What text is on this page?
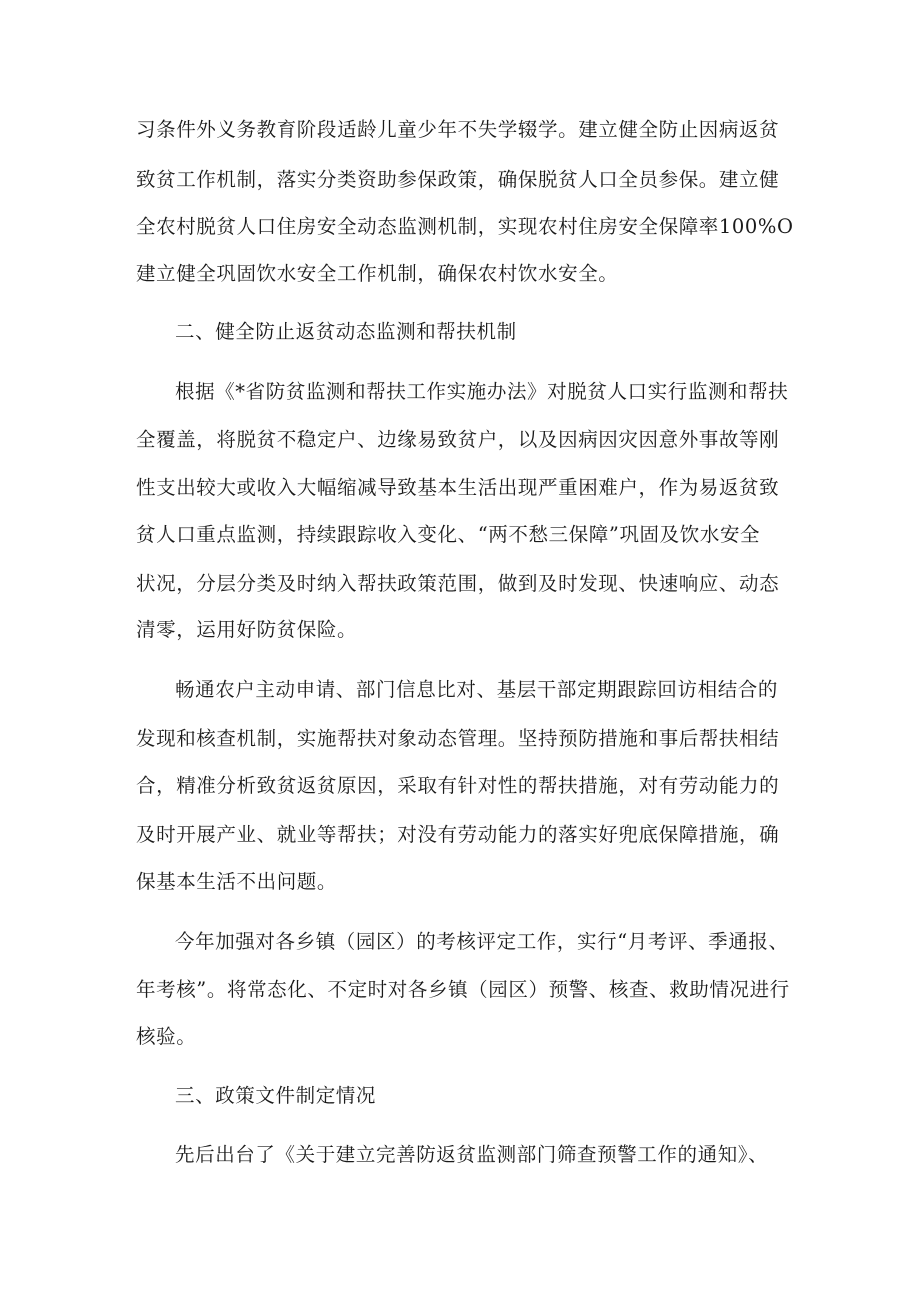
习条件外义务教育阶段适龄儿童少年不失学辍学。建立健全防止因病返贫

致贫工作机制，落实分类资助参保政策，确保脱贫人口全员参保。建立健

全农村脱贫人口住房安全动态监测机制，实现农村住房安全保障率100%O

建立健全巩固饮水安全工作机制，确保农村饮水安全。

二、健全防止返贫动态监测和帮扶机制

根据《*省防贫监测和帮扶工作实施办法》对脱贫人口实行监测和帮扶

全覆盖，将脱贫不稳定户、边缘易致贫户，以及因病因灾因意外事故等刚

性支出较大或收入大幅缩减导致基本生活出现严重困难户，作为易返贫致

贫人口重点监测，持续跟踪收入变化、“两不愁三保障”巩固及饮水安全

状况，分层分类及时纳入帮扶政策范围，做到及时发现、快速响应、动态

清零，运用好防贫保险。

畅通农户主动申请、部门信息比对、基层干部定期跟踪回访相结合的

发现和核查机制，实施帮扶对象动态管理。坚持预防措施和事后帮扶相结

合，精准分析致贫返贫原因，采取有针对性的帮扶措施，对有劳动能力的

及时开展产业、就业等帮扶；对没有劳动能力的落实好兜底保障措施，确

保基本生活不出问题。

今年加强对各乡镇（园区）的考核评定工作，实行“月考评、季通报、

年考核”。将常态化、不定时对各乡镇（园区）预警、核查、救助情况进行

核验。

三、政策文件制定情况

先后出台了《关于建立完善防返贫监测部门筛查预警工作的通知》、
